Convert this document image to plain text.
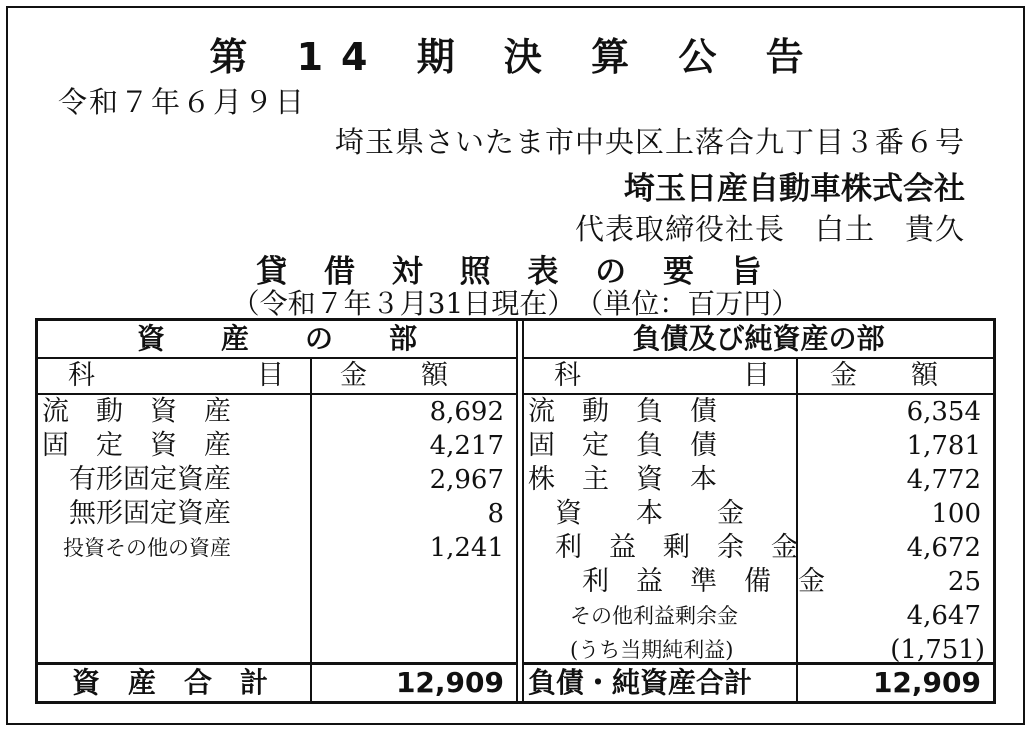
第 14 期 決 算 公 告
令和７年６月９日
埼玉県さいたま市中央区上落合九丁目３番６号
埼玉日産自動車株式会社
代表取締役社長　白土　貴久
貸 借 対 照 表 の 要 旨
（令和７年３月31日現在）　（単位：百万円）
資　　産　　の　　部
科　　　　　　目 金　　額
流　動　資　産	8,692
固　定　資　産	4,217
　有形固定資産	2,967
　無形固定資産	8
　投資その他の資産	1,241
資　産　合　計	12,909
負債及び純資産の部
科　　　　　　目 金　　額
流　動　負　債	6,354
固　定　負　債	1,781
株　主　資　本	4,772
　資　　本　　金	100
　利　益　剰　余　金	4,672
　　利　益　準　備　金	25
　　その他利益剰余金	4,647
　　(うち当期純利益)	(1,751)
負債・純資産合計	12,909
